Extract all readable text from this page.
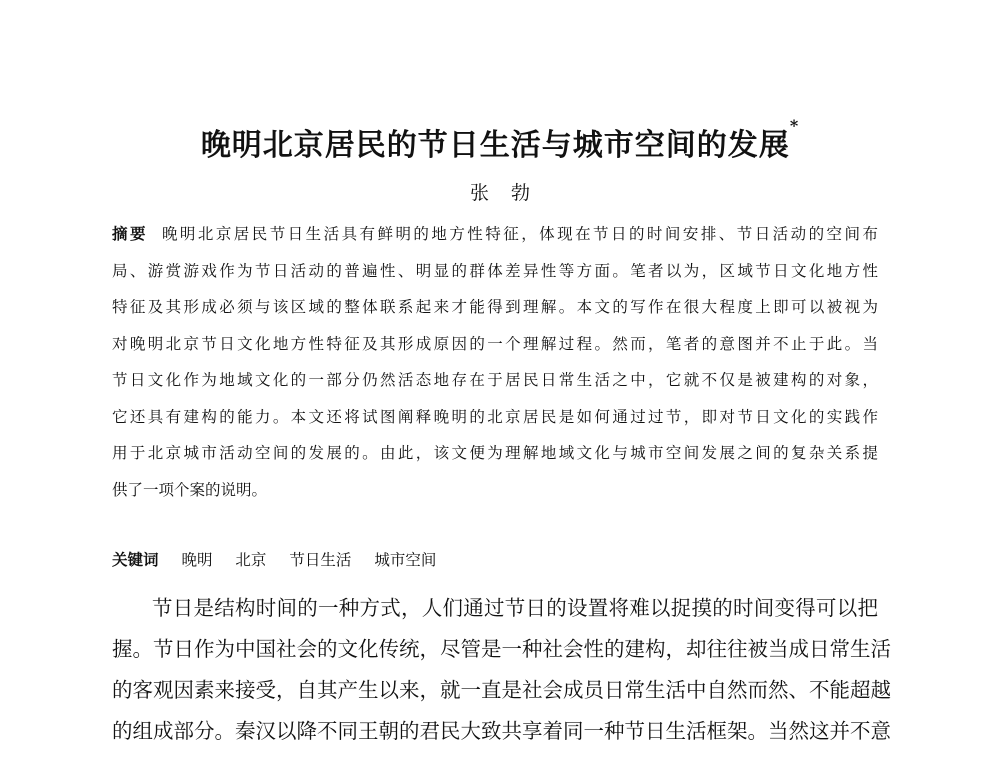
晚明北京居民的节日生活与城市空间的发展*
张勃
摘要 晚明北京居民节日生活具有鲜明的地方性特征，体现在节日的时间安排、节日活动的空间布
局、游赏游戏作为节日活动的普遍性、明显的群体差异性等方面。笔者以为，区域节日文化地方性
特征及其形成必须与该区域的整体联系起来才能得到理解。本文的写作在很大程度上即可以被视为
对晚明北京节日文化地方性特征及其形成原因的一个理解过程。然而，笔者的意图并不止于此。当
节日文化作为地域文化的一部分仍然活态地存在于居民日常生活之中，它就不仅是被建构的对象，
它还具有建构的能力。本文还将试图阐释晚明的北京居民是如何通过过节，即对节日文化的实践作
用于北京城市活动空间的发展的。由此，该文便为理解地域文化与城市空间发展之间的复杂关系提
供了一项个案的说明。
关键词 晚明 北京 节日生活 城市空间
节日是结构时间的一种方式，人们通过节日的设置将难以捉摸的时间变得可以把
握。节日作为中国社会的文化传统，尽管是一种社会性的建构，却往往被当成日常生活
的客观因素来接受，自其产生以来，就一直是社会成员日常生活中自然而然、不能超越
的组成部分。秦汉以降不同王朝的君民大致共享着同一种节日生活框架。当然这并不意
